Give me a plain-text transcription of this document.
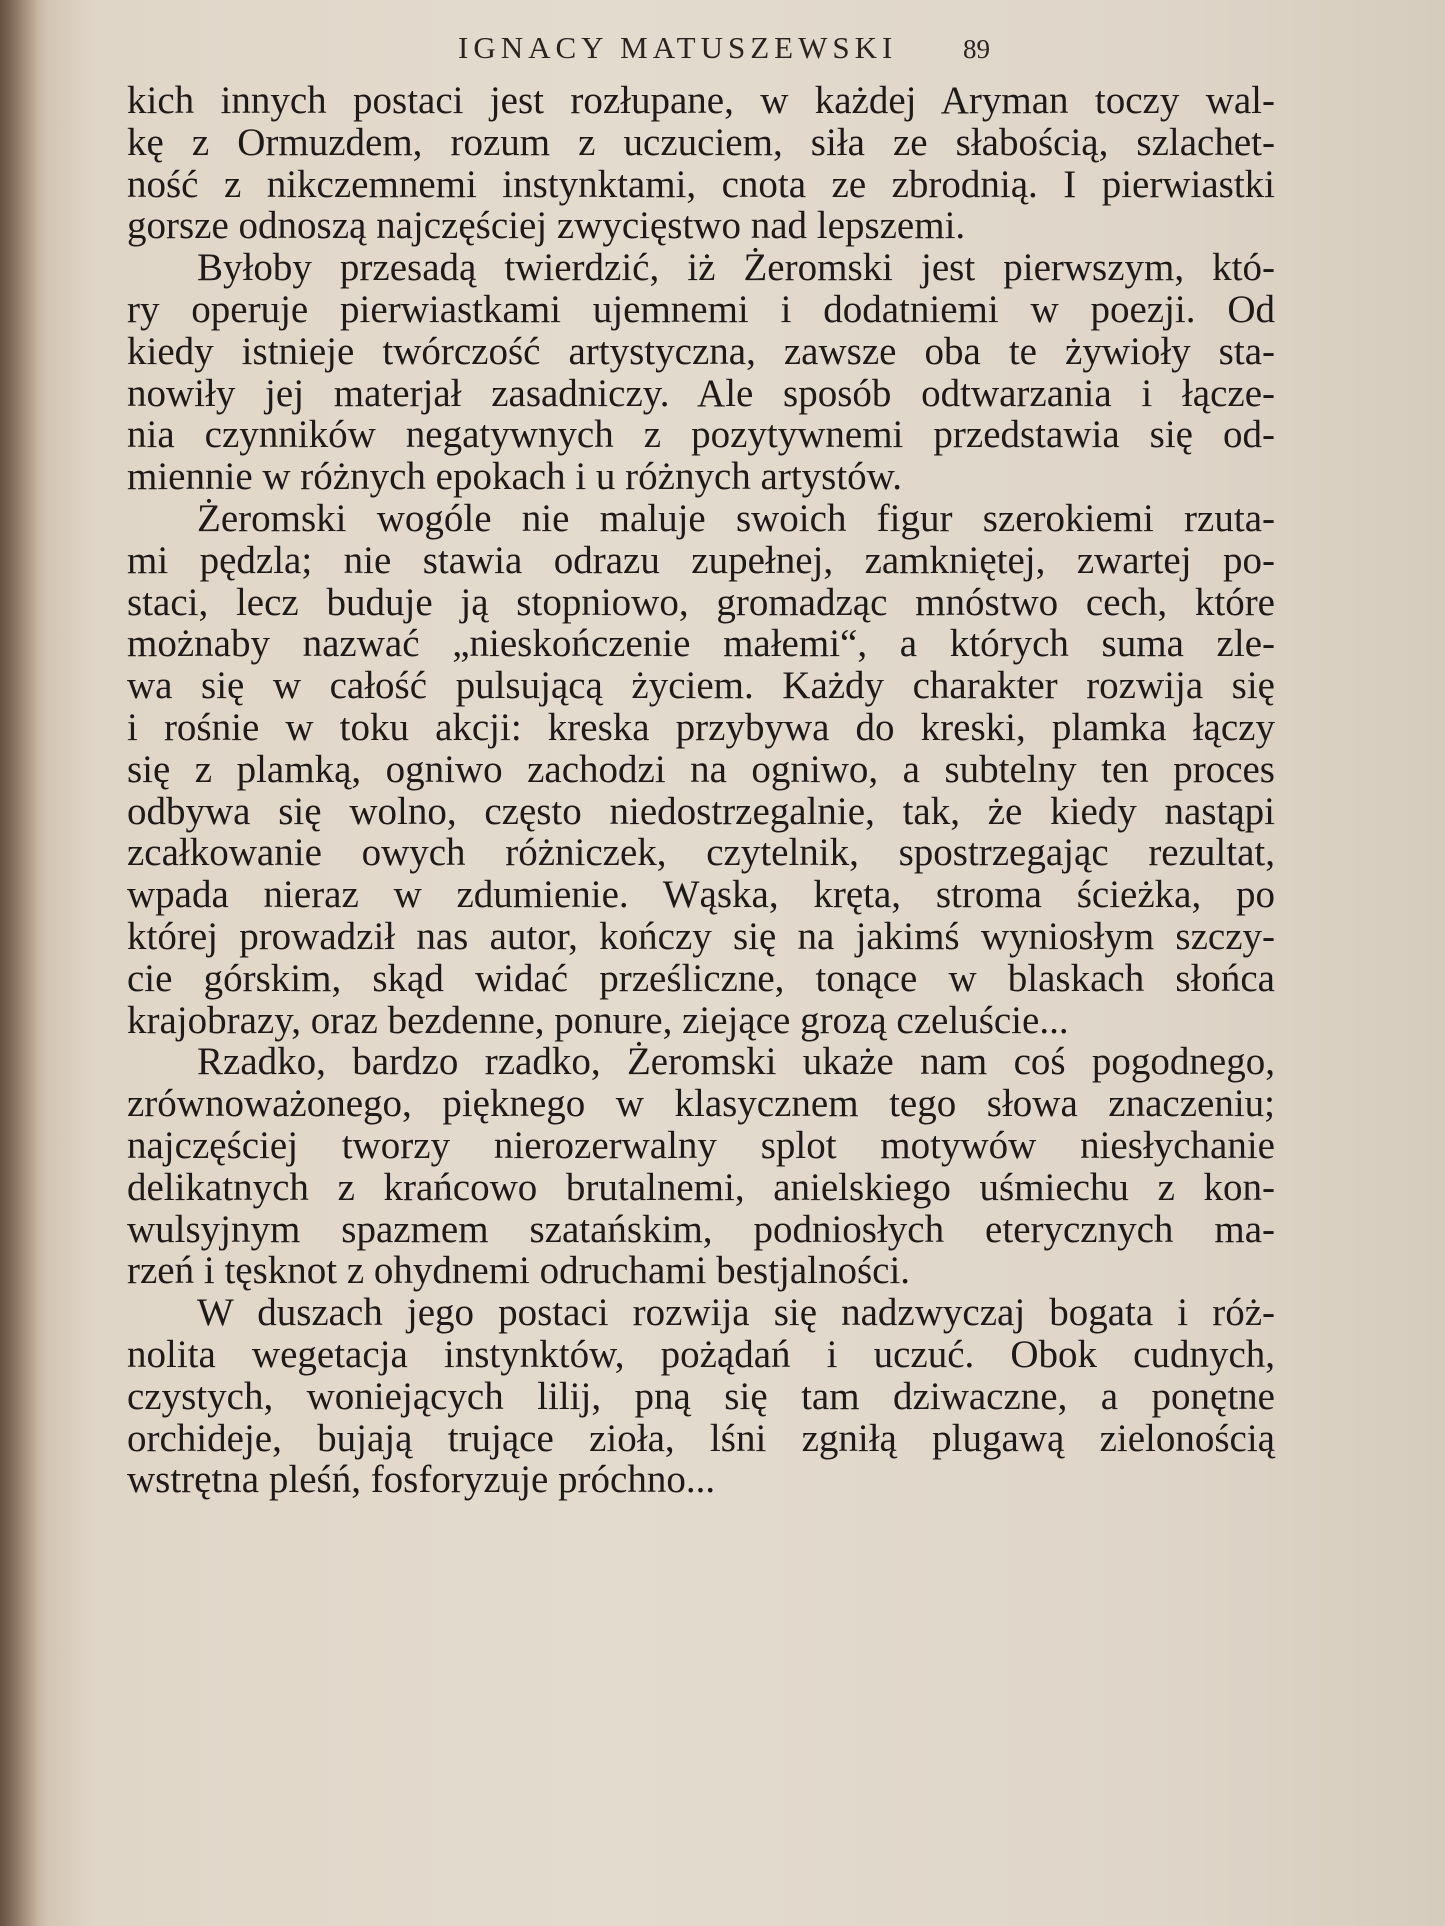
IGNACY MATUSZEWSKI 89

kich innych postaci jest rozłupane, w każdej Aryman toczy wal-
kę z Ormuzdem, rozum z uczuciem, siła ze słabością, szlachet-
ność z nikczemnemi instynktami, cnota ze zbrodnią. I pierwiastki
gorsze odnoszą najczęściej zwycięstwo nad lepszemi.

Byłoby przesadą twierdzić, iż Żeromski jest pierwszym, któ-
ry operuje pierwiastkami ujemnemi i dodatniemi w poezji. Od
kiedy istnieje twórczość artystyczna, zawsze oba te żywioły sta-
nowiły jej materjał zasadniczy. Ale sposób odtwarzania i łącze-
nia czynników negatywnych z pozytywnemi przedstawia się od-
miennie w różnych epokach i u różnych artystów.

Żeromski wogóle nie maluje swoich figur szerokiemi rzuta-
mi pędzla; nie stawia odrazu zupełnej, zamkniętej, zwartej po-
staci, lecz buduje ją stopniowo, gromadząc mnóstwo cech, które
możnaby nazwać „nieskończenie małemi“, a których suma zle-
wa się w całość pulsującą życiem. Każdy charakter rozwija się
i rośnie w toku akcji: kreska przybywa do kreski, plamka łączy
się z plamką, ogniwo zachodzi na ogniwo, a subtelny ten proces
odbywa się wolno, często niedostrzegalnie, tak, że kiedy nastąpi
zcałkowanie owych różniczek, czytelnik, spostrzegając rezultat,
wpada nieraz w zdumienie. Wąska, kręta, stroma ścieżka, po
której prowadził nas autor, kończy się na jakimś wyniosłym szczy-
cie górskim, skąd widać prześliczne, tonące w blaskach słońca
krajobrazy, oraz bezdenne, ponure, ziejące grozą czeluście...

Rzadko, bardzo rzadko, Żeromski ukaże nam coś pogodnego,
zrównoważonego, pięknego w klasycznem tego słowa znaczeniu;
najczęściej tworzy nierozerwalny splot motywów niesłychanie
delikatnych z krańcowo brutalnemi, anielskiego uśmiechu z kon-
wulsyjnym spazmem szatańskim, podniosłych eterycznych ma-
rzeń i tęsknot z ohydnemi odruchami bestjalności.

W duszach jego postaci rozwija się nadzwyczaj bogata i róż-
nolita wegetacja instynktów, pożądań i uczuć. Obok cudnych,
czystych, woniejących lilij, pną się tam dziwaczne, a ponętne
orchideje, bujają trujące zioła, lśni zgniłą plugawą zielonością
wstrętna pleśń, fosforyzuje próchno...
